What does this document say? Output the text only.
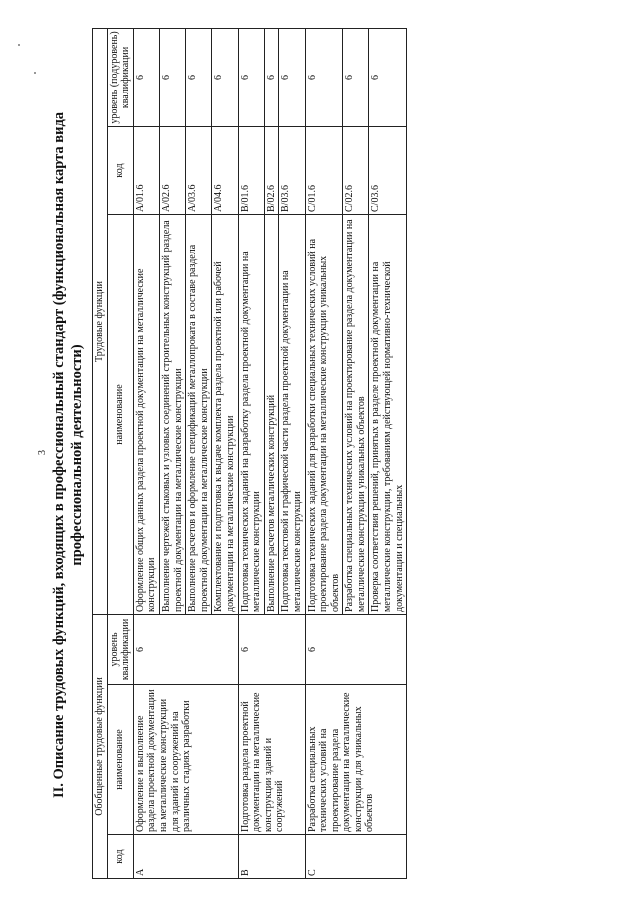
3 II. Описание трудовых функций, входящих в профессиональный стандарт (функциональная карта вида профессиональной деятельности)
Обобщенные трудовые функции			Трудовые функции		
код	наименование	уровень квалификации	наименование	код	уровень (подуровень) квалификации
A	Оформление и выполнение раздела проектной документации на металлические конструкции для зданий и сооружений на различных стадиях разработки	6	Оформление общих данных раздела проектной документации на металлические конструкции	A/01.6	6
			Выполнение чертежей стыковых и узловых соединений строительных конструкций раздела проектной документации на металлические конструкции	A/02.6	6
			Выполнение расчетов и оформление спецификаций металлопроката в составе раздела проектной документации на металлические конструкции	A/03.6	6
			Комплектование и подготовка к выдаче комплекта раздела проектной или рабочей документации на металлические конструкции	A/04.6	6
B	Подготовка раздела проектной документации на металлические конструкции зданий и сооружений	6	Подготовка технических заданий на разработку раздела проектной документации на металлические конструкции	B/01.6	6
			Выполнение расчетов металлических конструкций	B/02.6	6
			Подготовка текстовой и графической части раздела проектной документации на металлические конструкции	B/03.6	6
C	Разработка специальных технических условий на проектирование раздела документации на металлические конструкции для уникальных объектов	6	Подготовка технических заданий для разработки специальных технических условий на проектирование раздела документации на металлические конструкции уникальных объектов	C/01.6	6
			Разработка специальных технических условий на проектирование раздела документации на металлические конструкции уникальных объектов	C/02.6	6
			Проверка соответствия решений, принятых в разделе проектной документации на металлические конструкции, требованиям действующей нормативно-технической документации и специальных	C/03.6	6
